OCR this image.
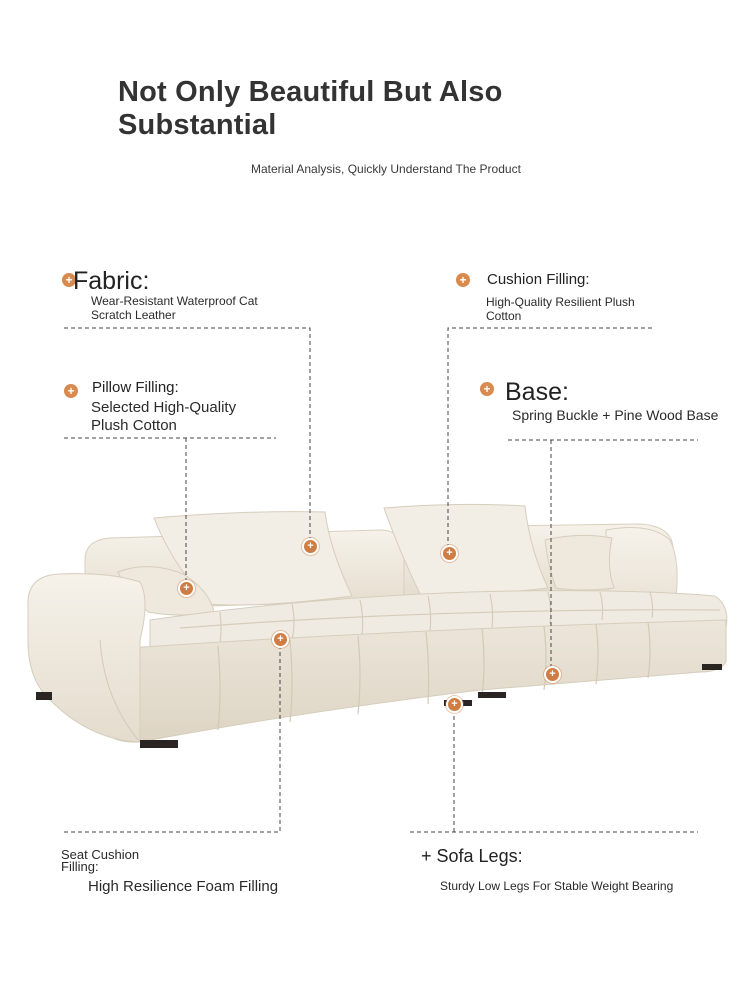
Not Only Beautiful But Also Substantial
Material Analysis, Quickly Understand The Product
+
+
+
+
+
+
+ Fabric:
Wear-Resistant Waterproof Cat Scratch Leather
+ Cushion Filling:
High-Quality Resilient Plush Cotton
+ Pillow Filling:
Selected High-Quality Plush Cotton
+ Base:
Spring Buckle + Pine Wood Base
Seat Cushion Filling:
High Resilience Foam Filling
+ Sofa Legs:
Sturdy Low Legs For Stable Weight Bearing
